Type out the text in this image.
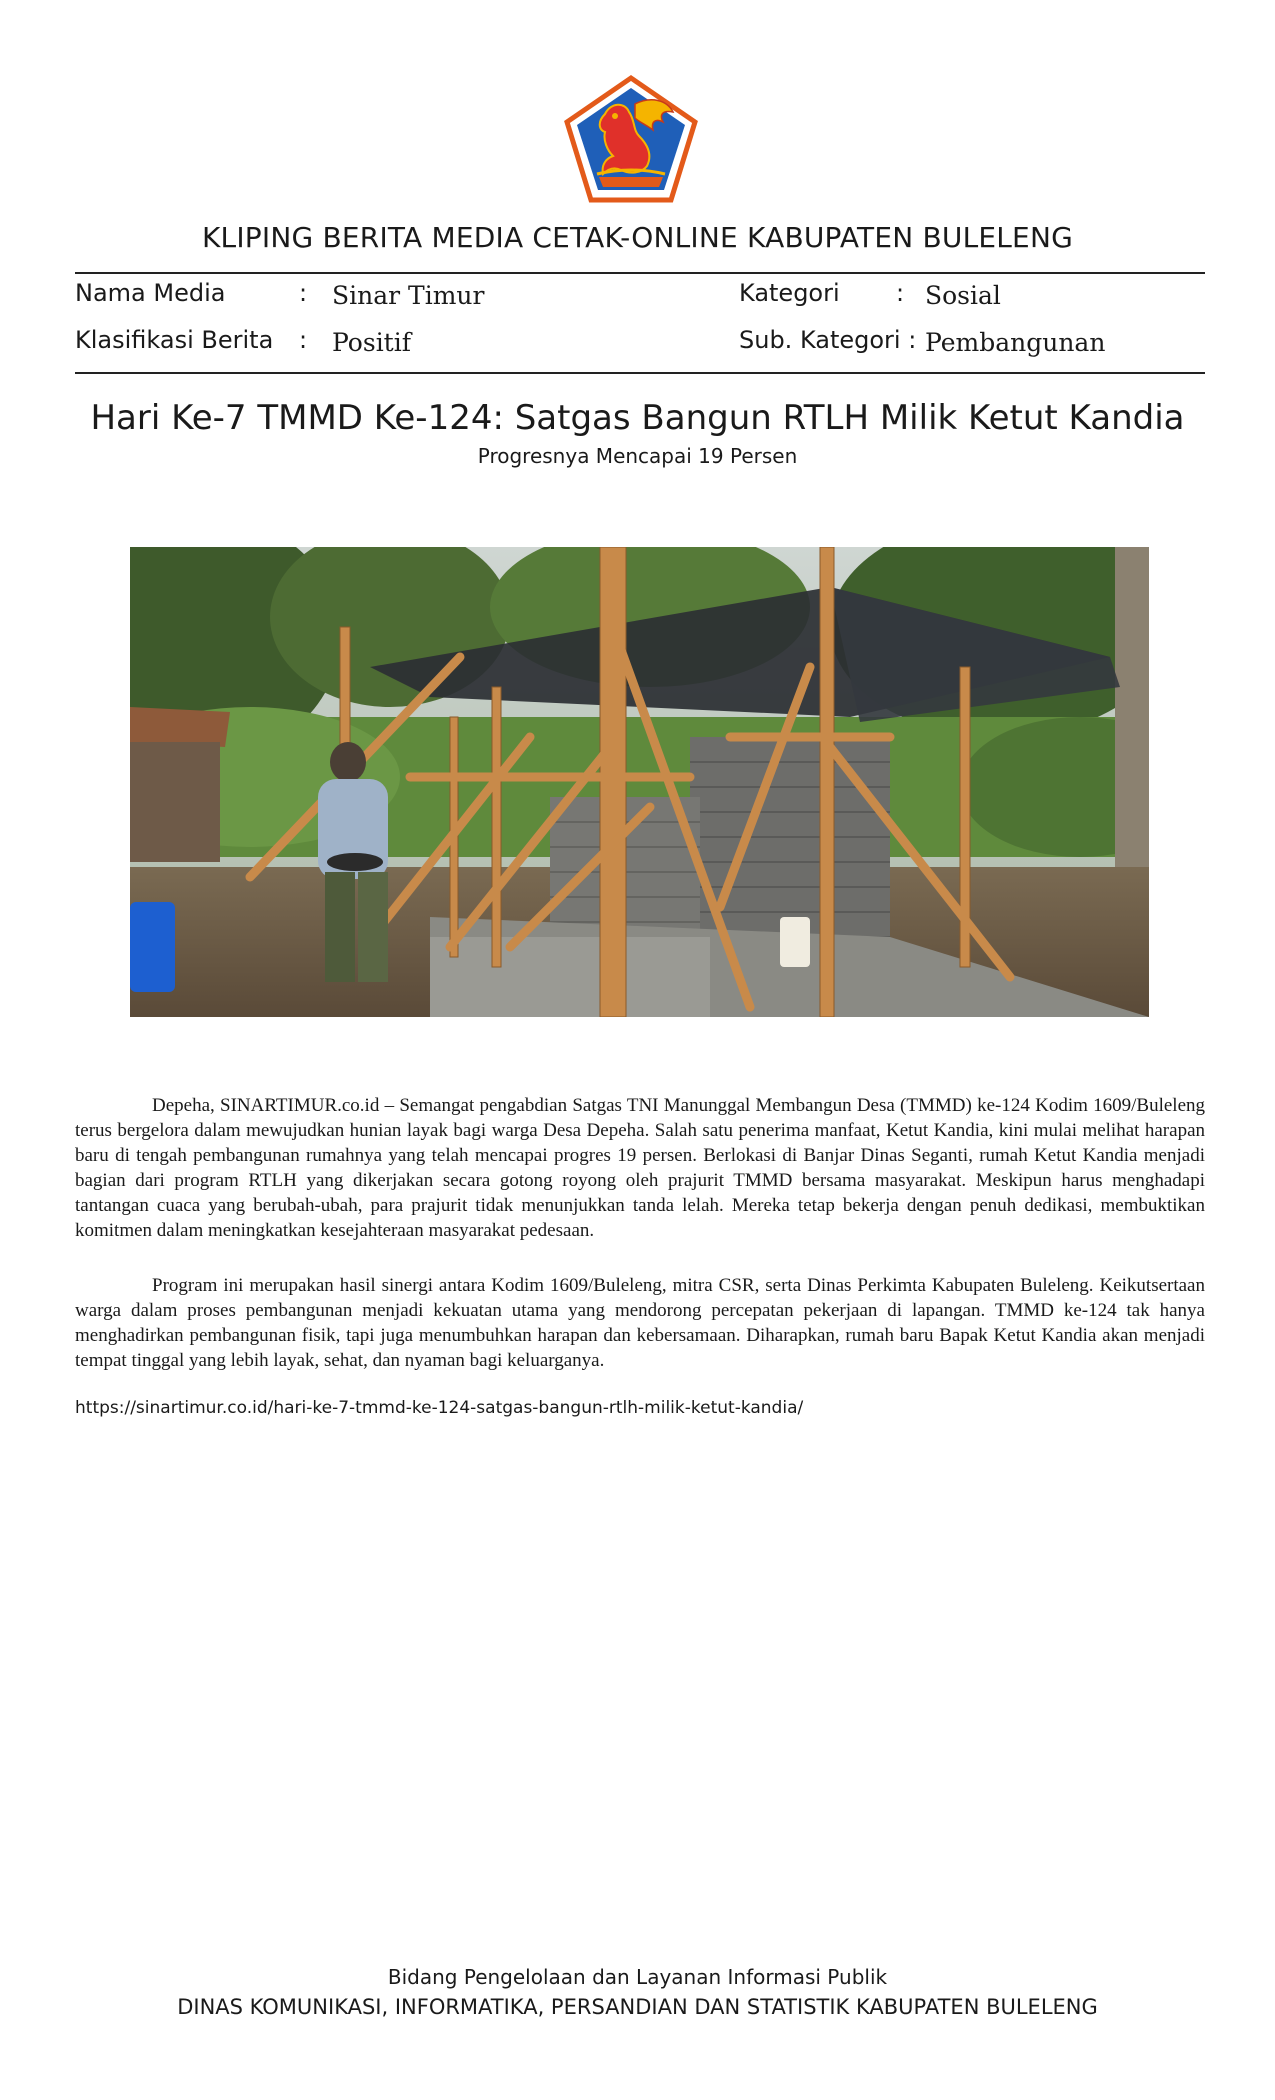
KLIPING BERITA MEDIA CETAK-ONLINE KABUPATEN BULELENG
Nama Media	: Sinar Timur	Kategori : Sosial
Klasifikasi Berita : Positif	Sub. Kategori : Pembangunan
Hari Ke-7 TMMD Ke-124: Satgas Bangun RTLH Milik Ketut Kandia
Progresnya Mencapai 19 Persen

Depeha, SINARTIMUR.co.id – Semangat pengabdian Satgas TNI Manunggal Membangun Desa (TMMD) ke-124 Kodim 1609/Buleleng terus bergelora dalam mewujudkan hunian layak bagi warga Desa Depeha. Salah satu penerima manfaat, Ketut Kandia, kini mulai melihat harapan baru di tengah pembangunan rumahnya yang telah mencapai progres 19 persen. Berlokasi di Banjar Dinas Seganti, rumah Ketut Kandia menjadi bagian dari program RTLH yang dikerjakan secara gotong royong oleh prajurit TMMD bersama masyarakat. Meskipun harus menghadapi tantangan cuaca yang berubah-ubah, para prajurit tidak menunjukkan tanda lelah. Mereka tetap bekerja dengan penuh dedikasi, membuktikan komitmen dalam meningkatkan kesejahteraan masyarakat pedesaan.

Program ini merupakan hasil sinergi antara Kodim 1609/Buleleng, mitra CSR, serta Dinas Perkimta Kabupaten Buleleng. Keikutsertaan warga dalam proses pembangunan menjadi kekuatan utama yang mendorong percepatan pekerjaan di lapangan. TMMD ke-124 tak hanya menghadirkan pembangunan fisik, tapi juga menumbuhkan harapan dan kebersamaan. Diharapkan, rumah baru Bapak Ketut Kandia akan menjadi tempat tinggal yang lebih layak, sehat, dan nyaman bagi keluarganya.

https://sinartimur.co.id/hari-ke-7-tmmd-ke-124-satgas-bangun-rtlh-milik-ketut-kandia/
Bidang Pengelolaan dan Layanan Informasi Publik
DINAS KOMUNIKASI, INFORMATIKA, PERSANDIAN DAN STATISTIK KABUPATEN BULELENG
